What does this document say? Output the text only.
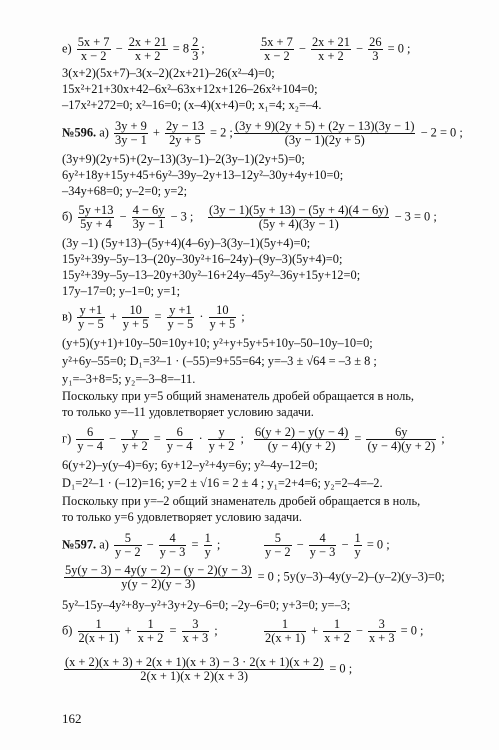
$е) \frac{5x + 7}{x - 2} - \frac{2x + 21}{x + 2} = 8 \frac{2}{3}$ ;	$\frac{5x + 7}{x - 2} - \frac{2x + 21}{x + 2} - \frac{26}{3} = 0$ ;
3(x+2)(5x+7)–3(x–2)(2x+21)–26(x²–4)=0;
15x²+21+30x+42–6x²–63x+12x+126–26x²+104=0;
–17x²+272=0; x²–16=0; (x–4)(x+4)=0; x₁=4; x₂=–4.
№596. $а) \frac{3y + 9}{3y - 1} + \frac{2y - 13}{2y + 5} = 2$ ; $\frac{(3y + 9)(2y + 5) + (2y - 13)(3y - 1)}{(3y - 1)(2y + 5)} - 2 = 0$ ;
(3y+9)(2y+5)+(2y–13)(3y–1)–2(3y–1)(2y+5)=0;
6y²+18y+15y+45+6y²–39y–2y+13–12y²–30y+4y+10=0;
–34y+68=0; y–2=0; y=2;
$б) \frac{5y +13}{5y + 4} - \frac{4 - 6y}{3y - 1} - 3$ ; $\frac{(3y - 1)(5y + 13) - (5y + 4)(4 - 6y)}{(5y + 4)(3y - 1)} - 3 = 0$ ;
(3y –1) (5y+13)–(5y+4)(4–6y)–3(3y–1)(5y+4)=0;
15y²+39y–5y–13–(20y–30y²+16–24y)–(9y–3)(5y+4)=0;
15y²+39y–5y–13–20y+30y²–16+24y–45y²–36y+15y+12=0;
17y–17=0; y–1=0; y=1;
$в) \frac{y +1}{y - 5} + \frac{10}{y + 5} = \frac{y +1}{y - 5} \cdot \frac{10}{y + 5}$ ;
(y+5)(y+1)+10y–50=10y+10; y²+y+5y+5+10y–50–10y–10=0;
y²+6y–55=0; D₁=3²–1 · (–55)=9+55=64; y=–3 ± √64 = –3 ± 8 ;
y₁=–3+8=5; y₂=–3–8=–11.
Поскольку при y=5 общий знаменатель дробей обращается в ноль,
то только y=–11 удовлетворяет условию задачи.
$г) \frac{6}{y - 4} - \frac{y}{y + 2} = \frac{6}{y - 4} \cdot \frac{y}{y + 2}$ ; $\frac{6(y + 2) - y(y - 4)}{(y - 4)(y + 2)} = \frac{6y}{(y - 4)(y + 2)}$ ;
6(y+2)–y(y–4)=6y; 6y+12–y²+4y=6y; y²–4y–12=0;
D₁=2²–1 · (–12)=16; y=2 ± √16 = 2 ± 4 ; y₁=2+4=6; y₂=2–4=–2.
Поскольку при y=–2 общий знаменатель дробей обращается в ноль,
то только y=6 удовлетворяет условию задачи.
№597. $а) \frac{5}{y - 2} - \frac{4}{y - 3} = \frac{1}{y}$ ;	$\frac{5}{y - 2} - \frac{4}{y - 3} - \frac{1}{y} = 0$ ;
$\frac{5y(y - 3) - 4y(y - 2) - (y - 2)(y - 3)}{y(y - 2)(y - 3)} = 0$ ; 5y(y–3)–4y(y–2)–(y–2)(y–3)=0;
5y²–15y–4y²+8y–y²+3y+2y–6=0; –2y–6=0; y+3=0; y=–3;
$б) \frac{1}{2(x + 1)} + \frac{1}{x + 2} = \frac{3}{x + 3}$ ;	$\frac{1}{2(x + 1)} + \frac{1}{x + 2} - \frac{3}{x + 3} = 0$ ;
$\frac{(x + 2)(x + 3) + 2(x + 1)(x + 3) - 3 \cdot 2(x + 1)(x + 2)}{2(x + 1)(x + 2)(x + 3)} = 0$ ;
162
